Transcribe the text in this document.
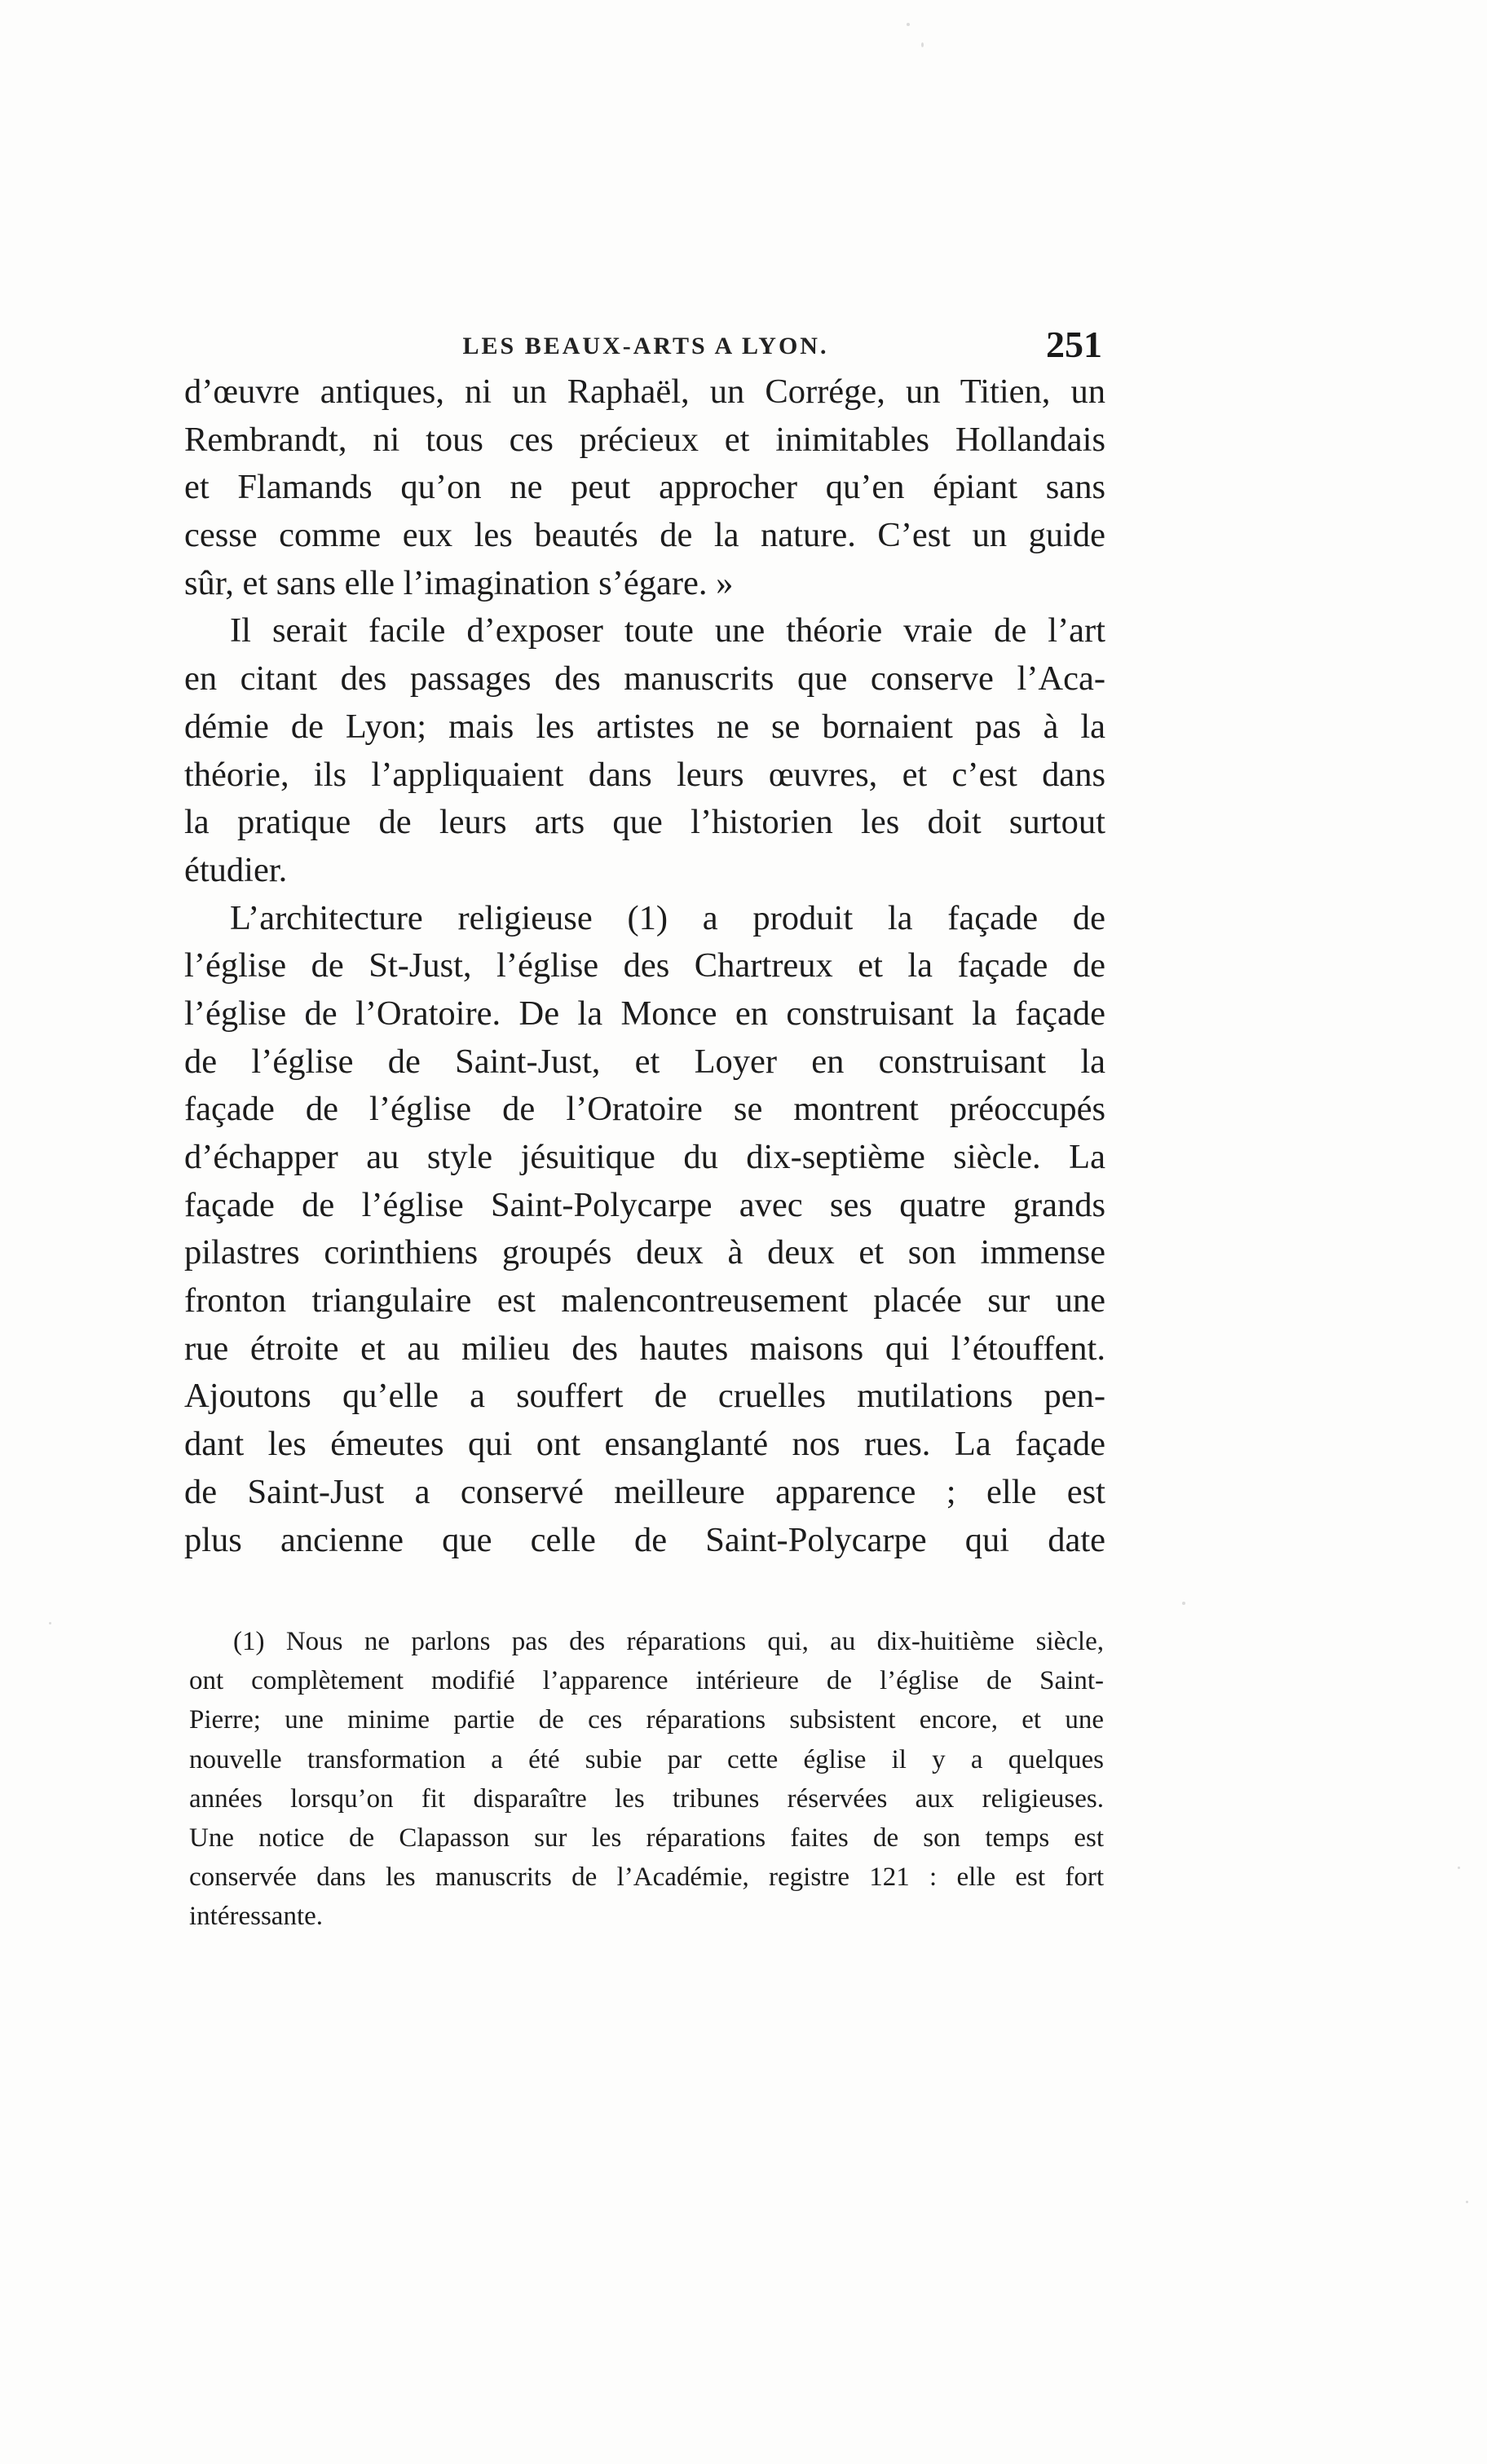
LES BEAUX-ARTS A LYON.	251
d’œuvre antiques, ni un Raphaël, un Corrége, un Titien, un
Rembrandt, ni tous ces précieux et inimitables Hollandais
et Flamands qu’on ne peut approcher qu’en épiant sans
cesse comme eux les beautés de la nature. C’est un guide
sûr, et sans elle l’imagination s’égare. »
Il serait facile d’exposer toute une théorie vraie de l’art
en citant des passages des manuscrits que conserve l’Aca-
démie de Lyon; mais les artistes ne se bornaient pas à la
théorie, ils l’appliquaient dans leurs œuvres, et c’est dans
la pratique de leurs arts que l’historien les doit surtout
étudier.
L’architecture religieuse (1) a produit la façade de
l’église de St-Just, l’église des Chartreux et la façade de
l’église de l’Oratoire. De la Monce en construisant la façade
de l’église de Saint-Just, et Loyer en construisant la
façade de l’église de l’Oratoire se montrent préoccupés
d’échapper au style jésuitique du dix-septième siècle. La
façade de l’église Saint-Polycarpe avec ses quatre grands
pilastres corinthiens groupés deux à deux et son immense
fronton triangulaire est malencontreusement placée sur une
rue étroite et au milieu des hautes maisons qui l’étouffent.
Ajoutons qu’elle a souffert de cruelles mutilations pen-
dant les émeutes qui ont ensanglanté nos rues. La façade
de Saint-Just a conservé meilleure apparence ; elle est
plus ancienne que celle de Saint-Polycarpe qui date
(1) Nous ne parlons pas des réparations qui, au dix-huitième siècle,
ont complètement modifié l’apparence intérieure de l’église de Saint-
Pierre; une minime partie de ces réparations subsistent encore, et une
nouvelle transformation a été subie par cette église il y a quelques
années lorsqu’on fit disparaître les tribunes réservées aux religieuses.
Une notice de Clapasson sur les réparations faites de son temps est
conservée dans les manuscrits de l’Académie, registre 121 : elle est fort
intéressante.
